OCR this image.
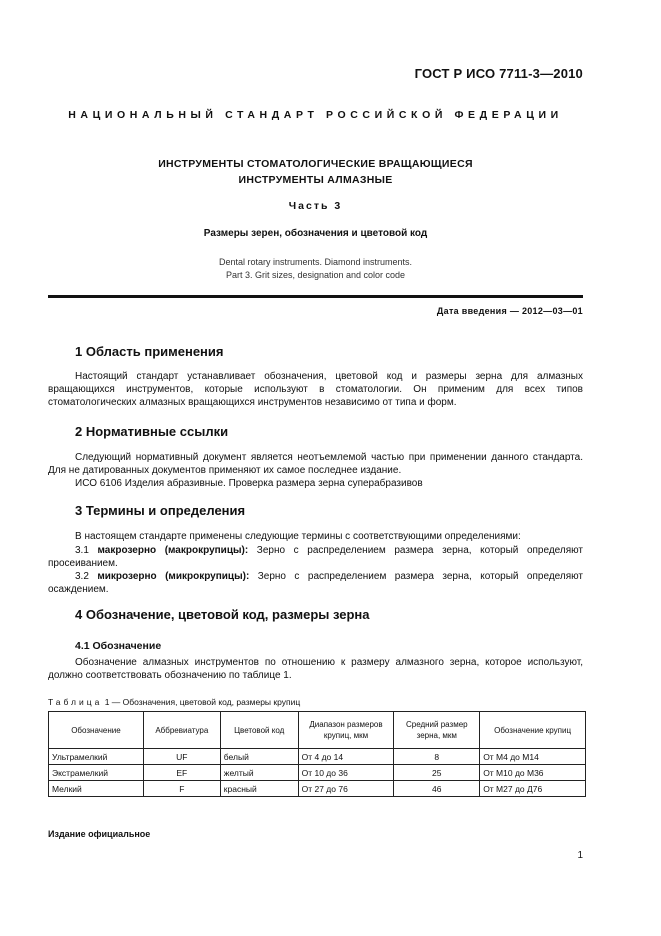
ГОСТ Р ИСО 7711-3—2010
НАЦИОНАЛЬНЫЙ СТАНДАРТ РОССИЙСКОЙ ФЕДЕРАЦИИ
ИНСТРУМЕНТЫ СТОМАТОЛОГИЧЕСКИЕ ВРАЩАЮЩИЕСЯ
ИНСТРУМЕНТЫ АЛМАЗНЫЕ
Часть 3
Размеры зерен, обозначения и цветовой код
Dental rotary instruments. Diamond instruments.
Part 3. Grit sizes, designation and color code
Дата введения — 2012—03—01
1 Область применения
Настоящий стандарт устанавливает обозначения, цветовой код и размеры зерна для алмазных вращающихся инструментов, которые используют в стоматологии. Он применим для всех типов стоматологических алмазных вращающихся инструментов независимо от типа и форм.
2 Нормативные ссылки
Следующий нормативный документ является неотъемлемой частью при применении данного стандарта. Для не датированных документов применяют их самое последнее издание.
ИСО 6106 Изделия абразивные. Проверка размера зерна суперабразивов
3 Термины и определения
В настоящем стандарте применены следующие термины с соответствующими определениями:
3.1 макрозерно (макрокрупицы): Зерно с распределением размера зерна, который определяют просеиванием.
3.2 микрозерно (микрокрупицы): Зерно с распределением размера зерна, который определяют осаждением.
4 Обозначение, цветовой код, размеры зерна
4.1 Обозначение
Обозначение алмазных инструментов по отношению к размеру алмазного зерна, которое используют, должно соответствовать обозначению по таблице 1.
Таблица 1 — Обозначения, цветовой код, размеры крупиц
Обозначение	Аббревиатура	Цветовой код	Диапазон размеров крупиц, мкм	Средний размер зерна, мкм	Обозначение крупиц
Ультрамелкий	UF	белый	От 4 до 14	8	От М4 до М14
Экстрамелкий	EF	желтый	От 10 до 36	25	От М10 до М36
Мелкий	F	красный	От 27 до 76	46	От М27 до Д76
Издание официальное
1
